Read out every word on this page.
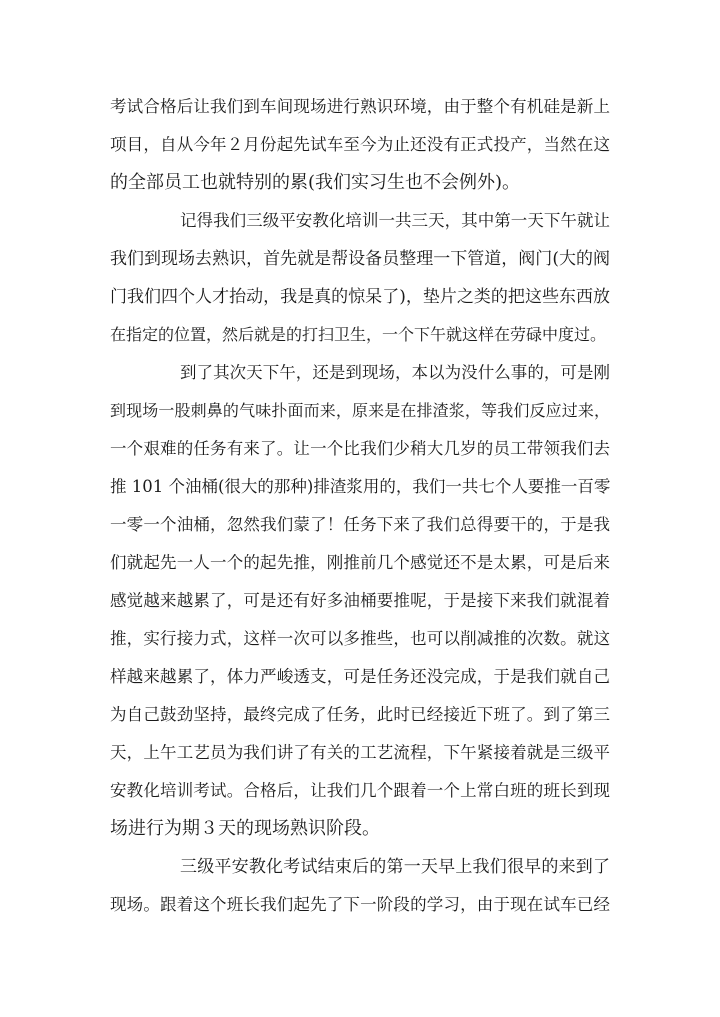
考试合格后让我们到车间现场进行熟识环境，由于整个有机硅是新上
项目，自从今年２月份起先试车至今为止还没有正式投产，当然在这
的全部员工也就特别的累(我们实习生也不会例外)。
记得我们三级平安教化培训一共三天，其中第一天下午就让
我们到现场去熟识，首先就是帮设备员整理一下管道，阀门(大的阀
门我们四个人才抬动，我是真的惊呆了)，垫片之类的把这些东西放
在指定的位置，然后就是的打扫卫生，一个下午就这样在劳碌中度过。
到了其次天下午，还是到现场，本以为没什么事的，可是刚
到现场一股刺鼻的气味扑面而来，原来是在排渣浆，等我们反应过来，
一个艰难的任务有来了。让一个比我们少稍大几岁的员工带领我们去
推 101 个油桶(很大的那种)排渣浆用的，我们一共七个人要推一百零
一零一个油桶，忽然我们蒙了！任务下来了我们总得要干的，于是我
们就起先一人一个的起先推，刚推前几个感觉还不是太累，可是后来
感觉越来越累了，可是还有好多油桶要推呢，于是接下来我们就混着
推，实行接力式，这样一次可以多推些，也可以削减推的次数。就这
样越来越累了，体力严峻透支，可是任务还没完成，于是我们就自己
为自己鼓劲坚持，最终完成了任务，此时已经接近下班了。到了第三
天，上午工艺员为我们讲了有关的工艺流程，下午紧接着就是三级平
安教化培训考试。合格后，让我们几个跟着一个上常白班的班长到现
场进行为期３天的现场熟识阶段。
三级平安教化考试结束后的第一天早上我们很早的来到了
现场。跟着这个班长我们起先了下一阶段的学习，由于现在试车已经
